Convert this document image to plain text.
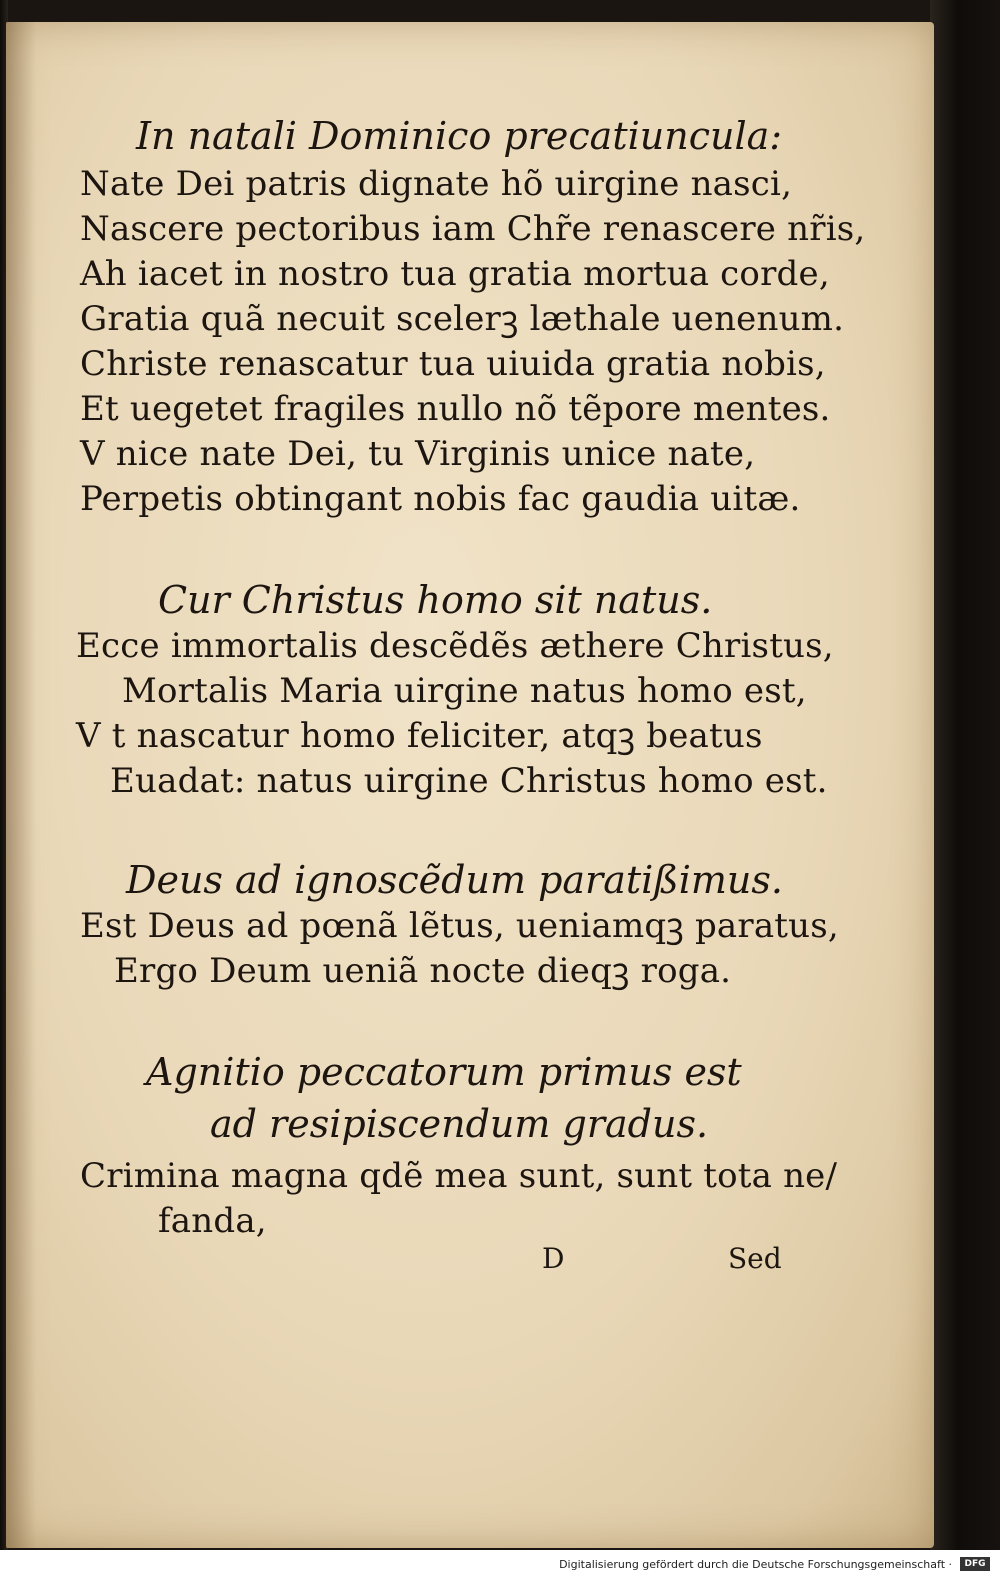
In natali Dominico precatiuncula:
Nate Dei patris dignate hõ uirgine nasci,
Nascere pectoribus iam Chr̃e renascere nr̃is,
Ah iacet in nostro tua gratia mortua corde,
Gratia quã necuit scelerꝫ læthale uenenum.
Christe renascatur tua uiuida gratia nobis,
Et uegetet fragiles nullo nõ tẽpore mentes.
V nice nate Dei, tu Virginis unice nate,
Perpetis obtingant nobis fac gaudia uitæ.
Cur Christus homo sit natus.
Ecce immortalis descẽdẽs æthere Christus,
Mortalis Maria uirgine natus homo est,
V t nascatur homo feliciter, atqꝫ beatus
Euadat: natus uirgine Christus homo est.
Deus ad ignoscẽdum paratißimus.
Est Deus ad pœnã lẽtus, ueniamqꝫ paratus,
Ergo Deum ueniã nocte dieqꝫ roga.
Agnitio peccatorum primus est
ad resipiscendum gradus.
Crimina magna qdẽ mea sunt, sunt tota ne/
fanda,
D	Sed
Digitalisierung gefördert durch die Deutsche Forschungsgemeinschaft ·	DFG
